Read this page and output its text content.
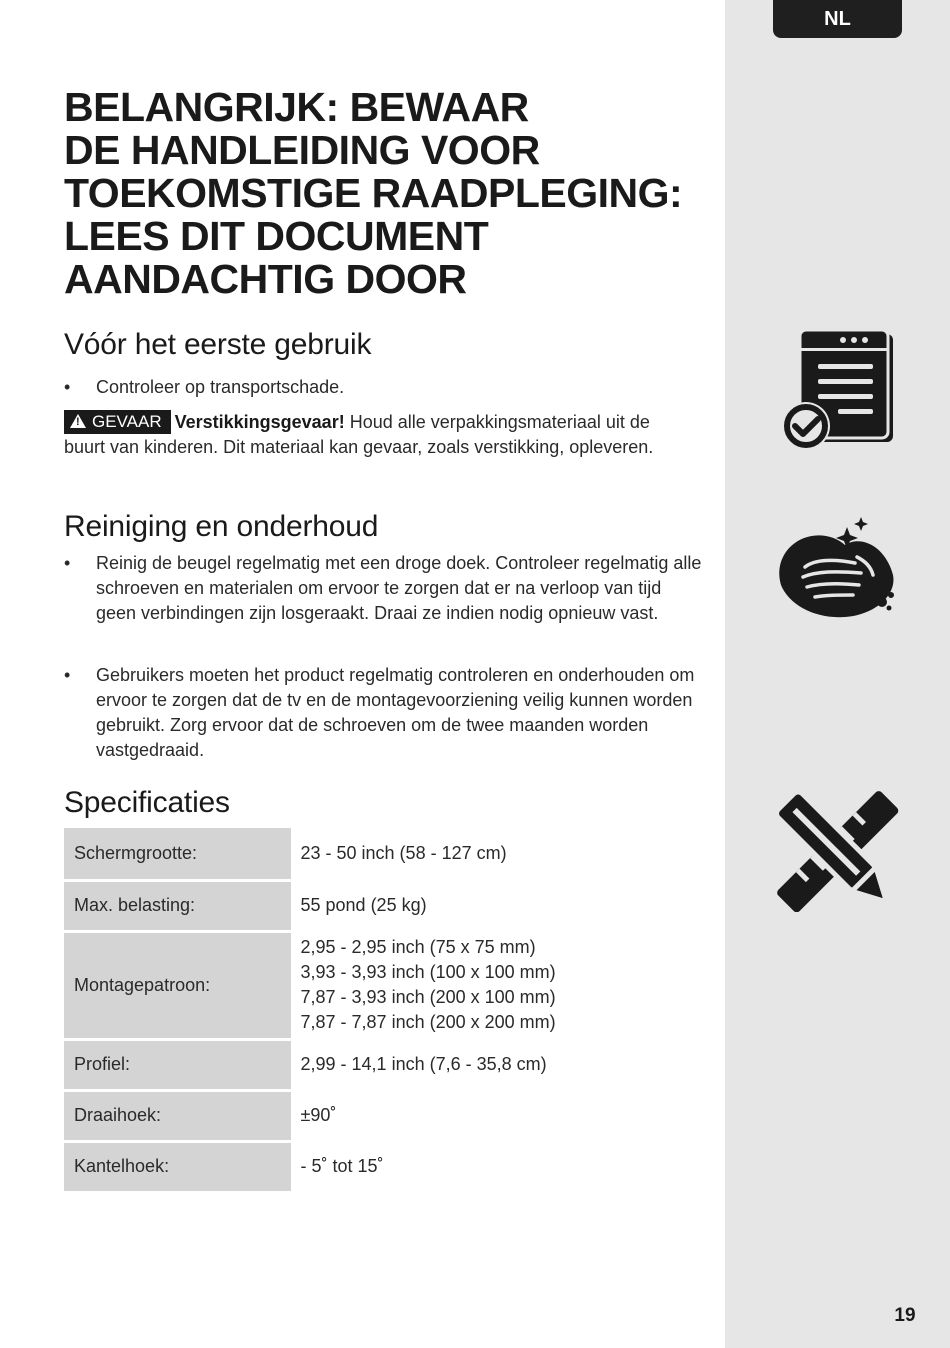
NL
BELANGRIJK: BEWAAR
DE HANDLEIDING VOOR
TOEKOMSTIGE RAADPLEGING:
LEES DIT DOCUMENT
AANDACHTIG DOOR
Vóór het eerste gebruik
• Controleer op transportschade.
!GEVAAR Verstikkingsgevaar! Houd alle verpakkingsmateriaal uit de buurt van kinderen. Dit materiaal kan gevaar, zoals verstikking, opleveren.
Reiniging en onderhoud
• Reinig de beugel regelmatig met een droge doek. Controleer regelmatig alle schroeven en materialen om ervoor te zorgen dat er na verloop van tijd geen verbindingen zijn losgeraakt. Draai ze indien nodig opnieuw vast.
• Gebruikers moeten het product regelmatig controleren en onderhouden om ervoor te zorgen dat de tv en de montagevoorziening veilig kunnen worden gebruikt. Zorg ervoor dat de schroeven om de twee maanden worden vastgedraaid.
Specificaties
Schermgrootte:	23 - 50 inch (58 - 127 cm)

Max. belasting:	55 pond (25 kg)

Montagepatroon:	2,95 - 2,95 inch (75 x 75 mm)
3,93 - 3,93 inch (100 x 100 mm)
7,87 - 3,93 inch (200 x 100 mm)
7,87 - 7,87 inch (200 x 200 mm)

Profiel:	2,99 - 14,1 inch (7,6 - 35,8 cm)

Draaihoek:	±90˚

Kantelhoek:	- 5˚ tot 15˚
19
